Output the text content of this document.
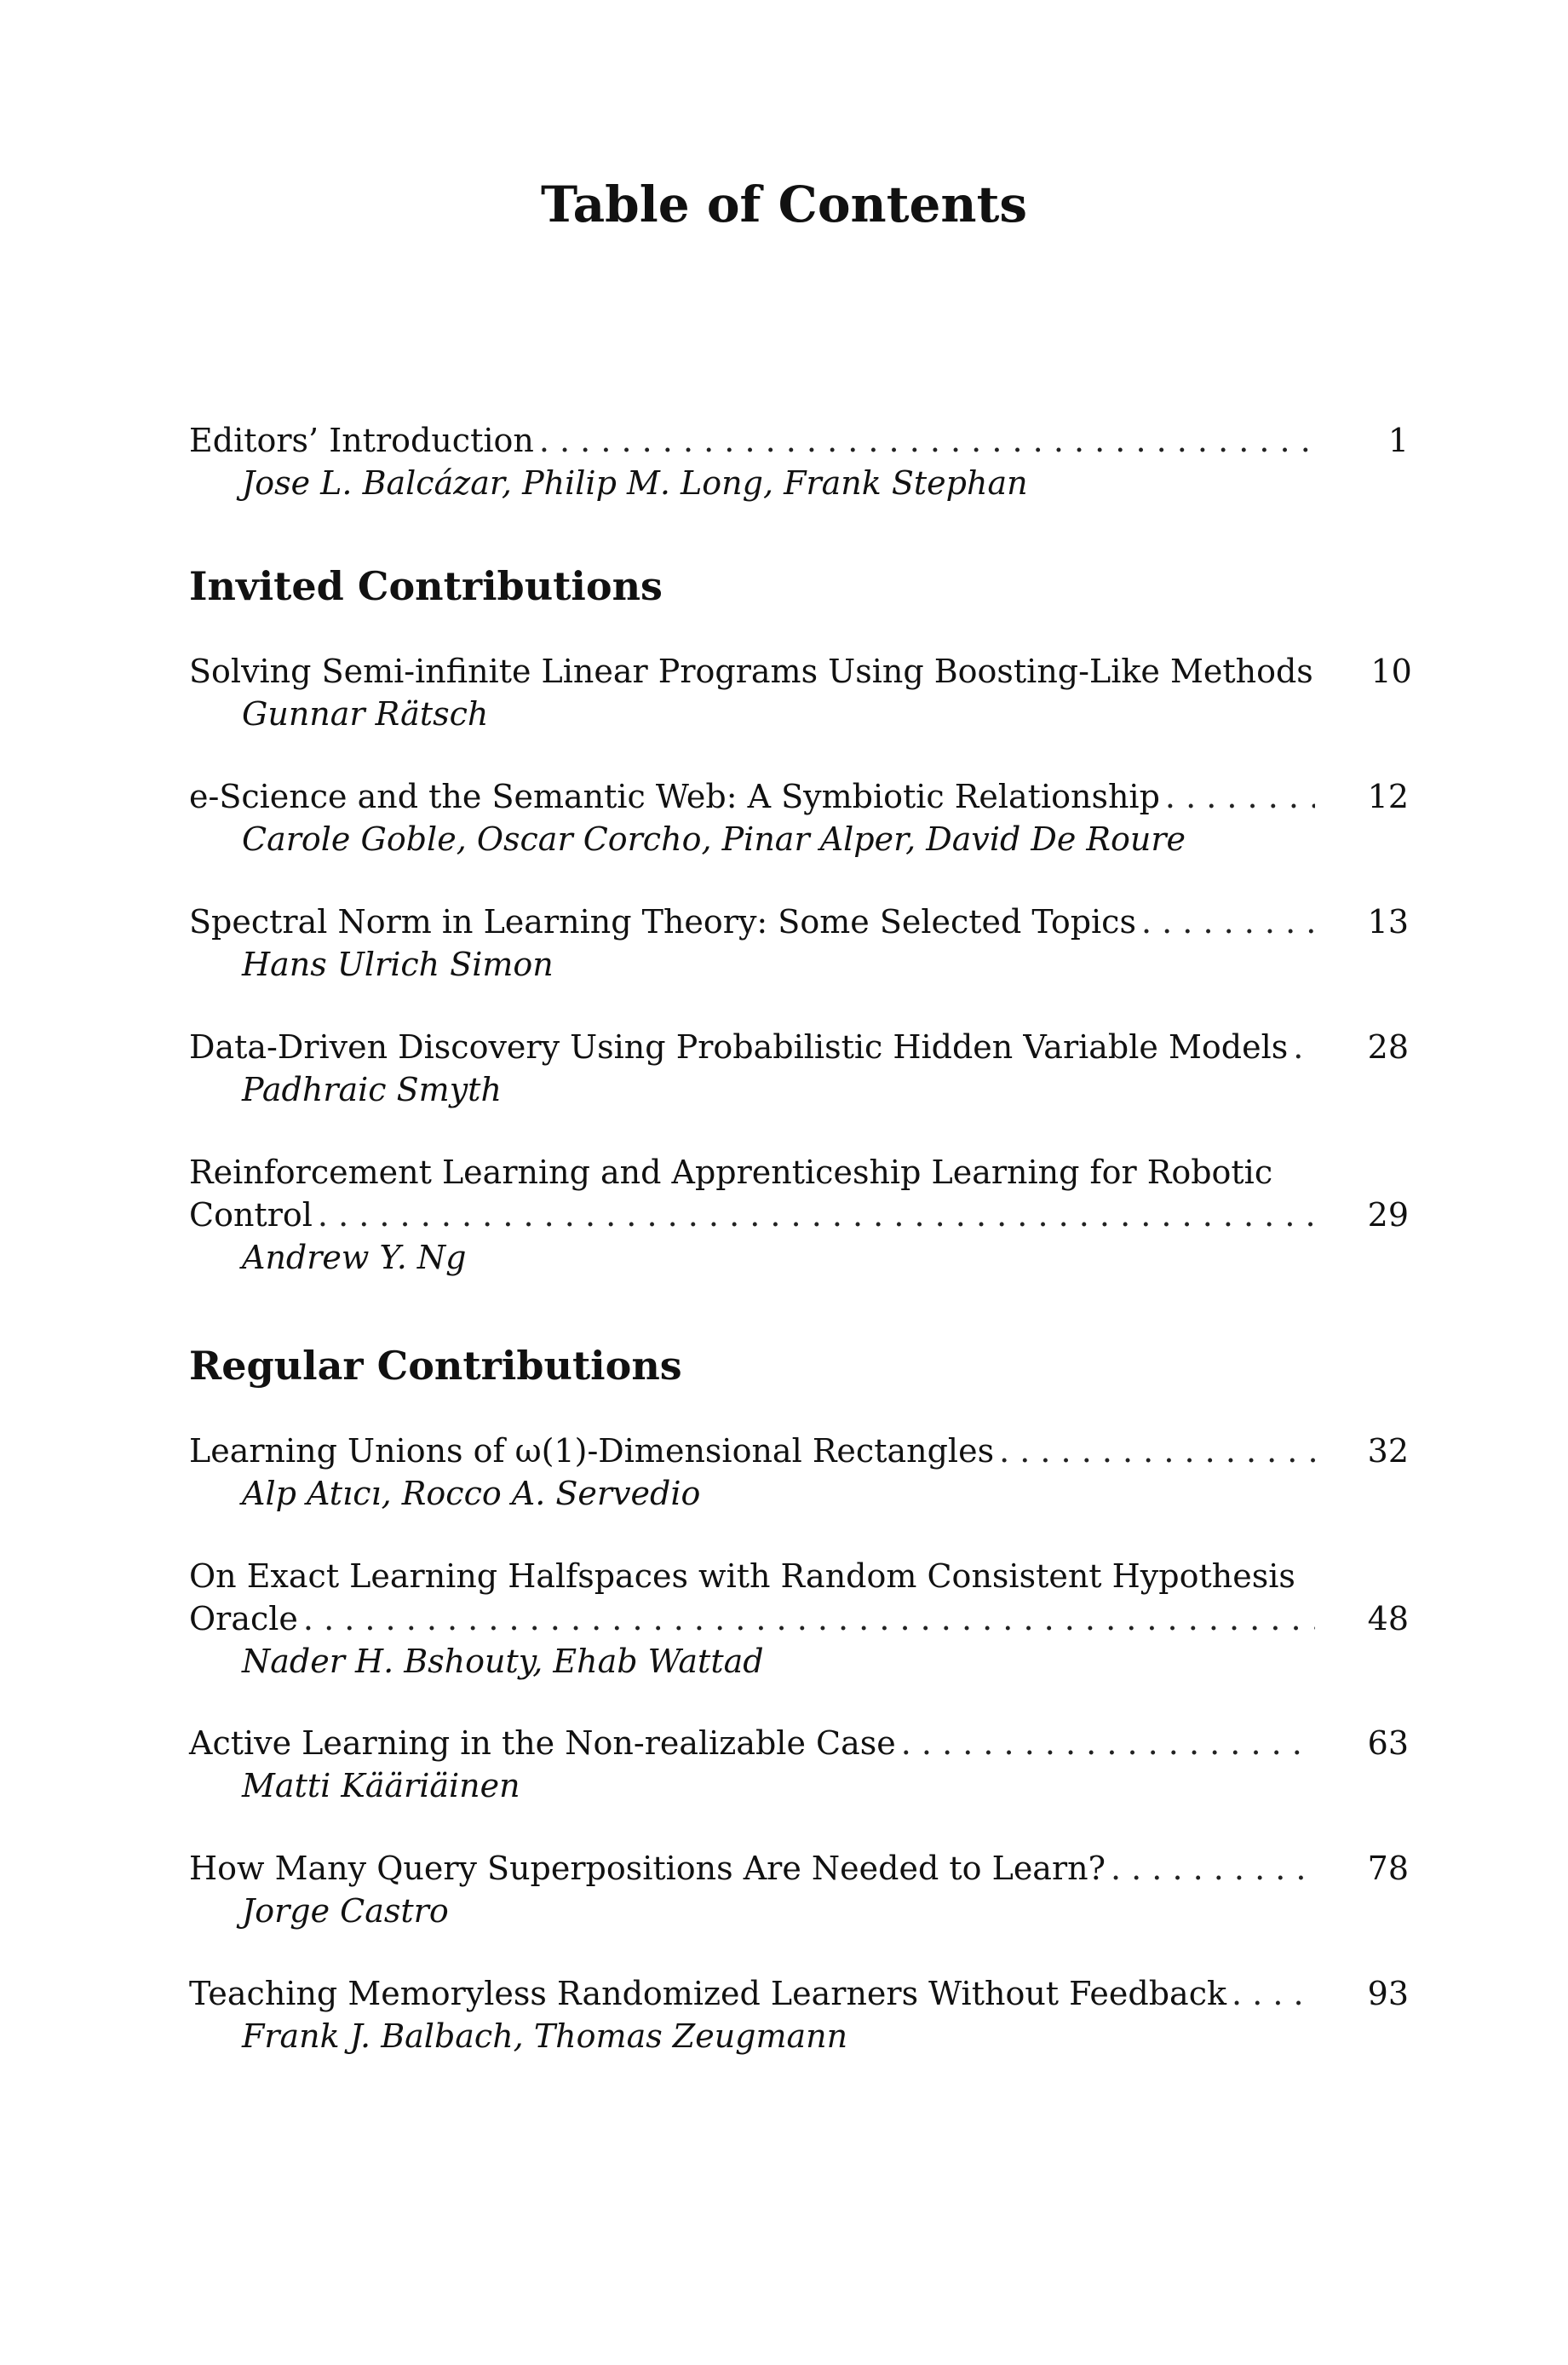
Table of Contents
Editors’ Introduction . . .	1
Jose L. Balcázar, Philip M. Long, Frank Stephan
Invited Contributions
Solving Semi-infinite Linear Programs Using Boosting-Like Methods	10
Gunnar Rätsch
e-Science and the Semantic Web: A Symbiotic Relationship . . .	12
Carole Goble, Oscar Corcho, Pinar Alper, David De Roure
Spectral Norm in Learning Theory: Some Selected Topics . . .	13
Hans Ulrich Simon
Data-Driven Discovery Using Probabilistic Hidden Variable Models . . .	28
Padhraic Smyth
Reinforcement Learning and Apprenticeship Learning for Robotic
Control . . .	29
Andrew Y. Ng
Regular Contributions
Learning Unions of ω(1)-Dimensional Rectangles . . .	32
Alp Atıcı, Rocco A. Servedio
On Exact Learning Halfspaces with Random Consistent Hypothesis
Oracle . . .	48
Nader H. Bshouty, Ehab Wattad
Active Learning in the Non-realizable Case . . .	63
Matti Kääriäinen
How Many Query Superpositions Are Needed to Learn? . . .	78
Jorge Castro
Teaching Memoryless Randomized Learners Without Feedback . . .	93
Frank J. Balbach, Thomas Zeugmann
